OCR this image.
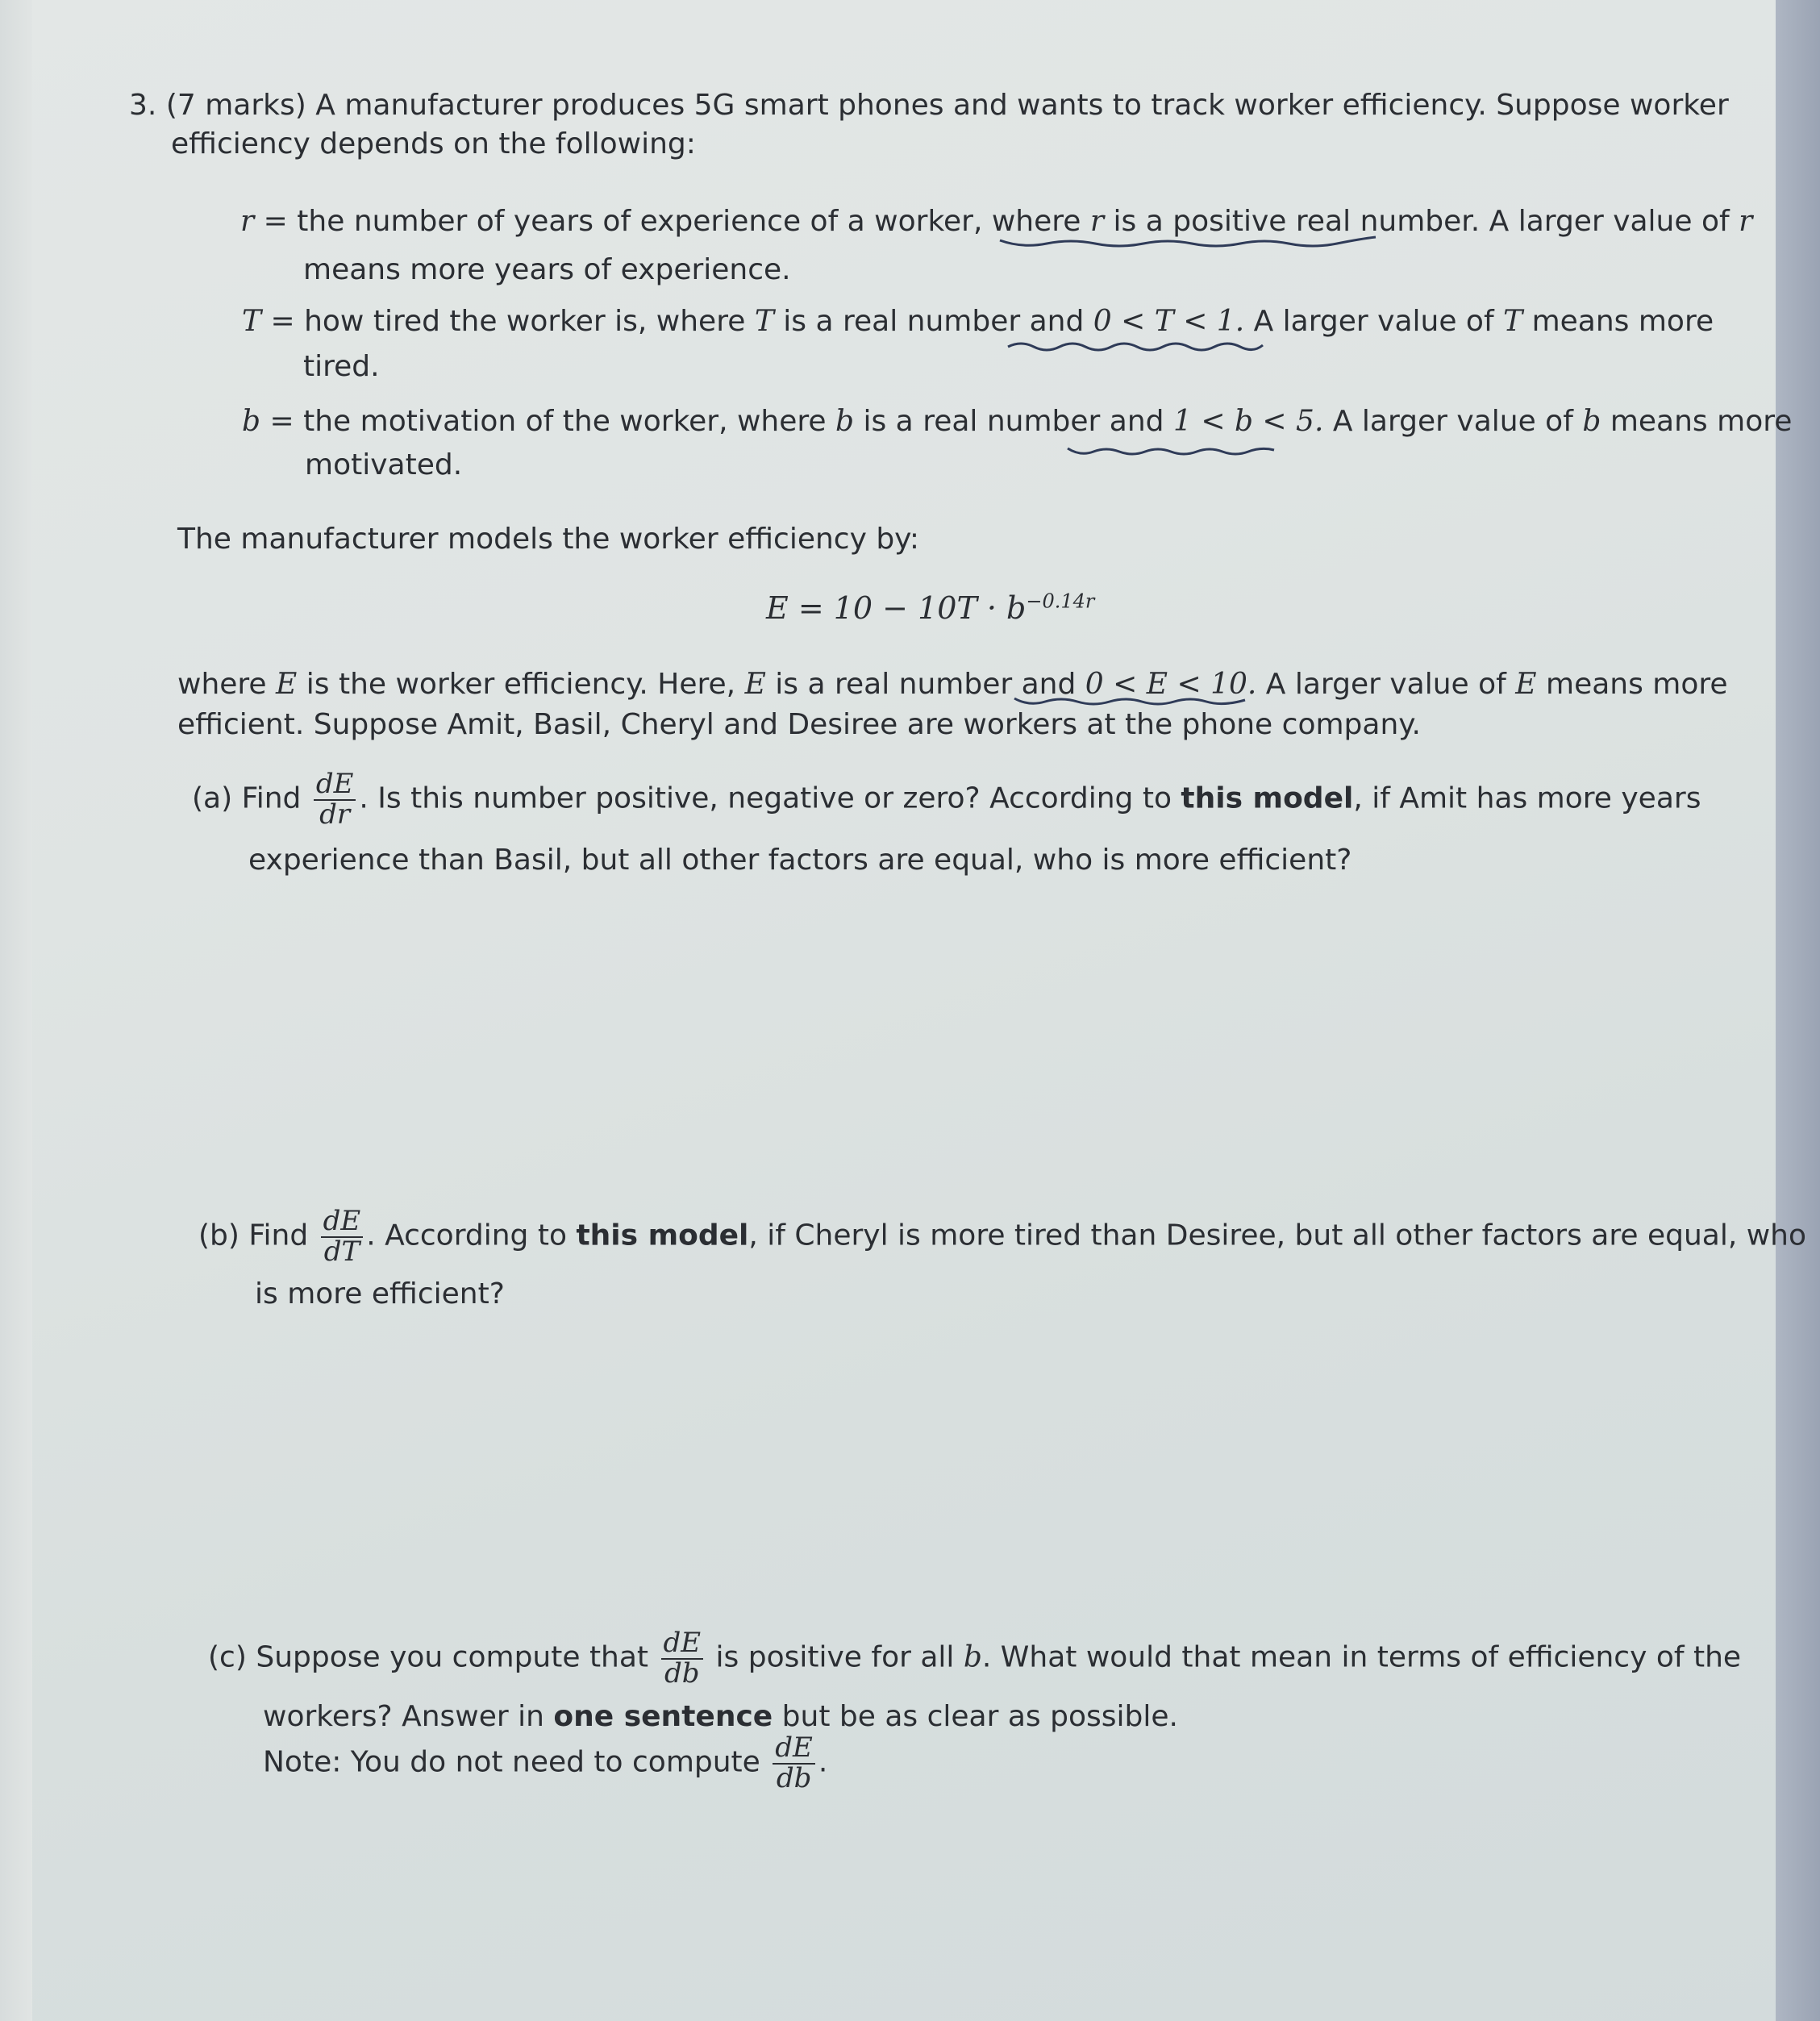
3. (7 marks) A manufacturer produces 5G smart phones and wants to track worker efficiency. Suppose worker
efficiency depends on the following:
r = the number of years of experience of a worker, where r is a positive real number. A larger value of r
means more years of experience.
T = how tired the worker is, where T is a real number and 0 < T < 1. A larger value of T means more
tired.
b = the motivation of the worker, where b is a real number and 1 < b < 5. A larger value of b means more
motivated.
The manufacturer models the worker efficiency by:
$E = 10 - 10T \cdot b^{-0.14r}$
where E is the worker efficiency. Here, E is a real number and 0 < E < 10. A larger value of E means more
efficient. Suppose Amit, Basil, Cheryl and Desiree are workers at the phone company.
(a) Find $\frac{dE}{dr}$ . Is this number positive, negative or zero? According to this model, if Amit has more years
experience than Basil, but all other factors are equal, who is more efficient?
(b) Find $\frac{dE}{dT}$ . According to this model, if Cheryl is more tired than Desiree, but all other factors are equal, who
is more efficient?
(c) Suppose you compute that $\frac{dE}{db}$ is positive for all b. What would that mean in terms of efficiency of the
workers? Answer in one sentence but be as clear as possible.
Note: You do not need to compute $\frac{dE}{db}$ .
